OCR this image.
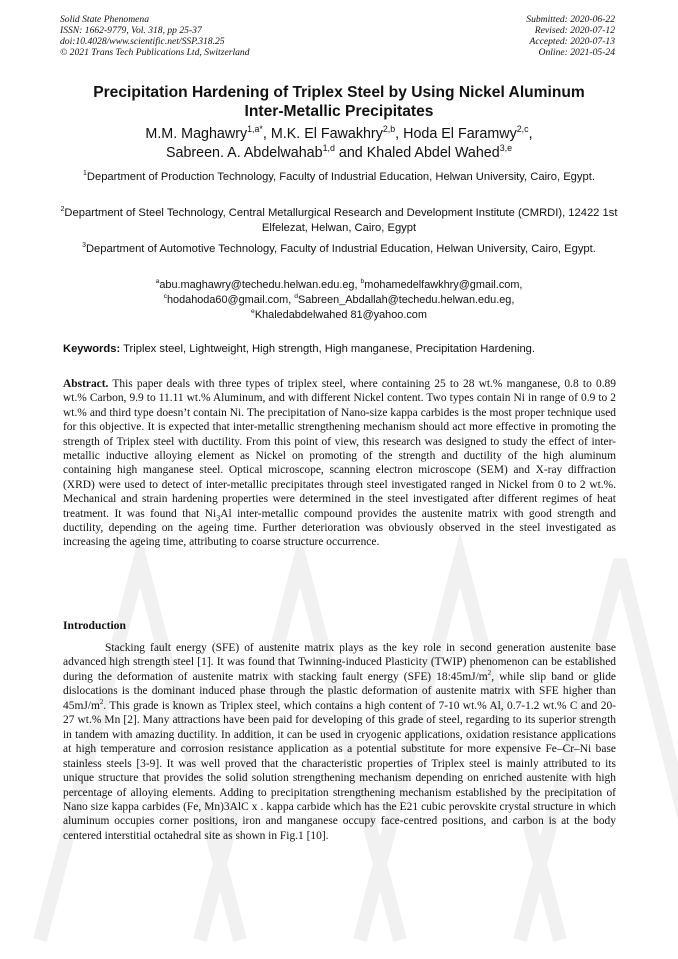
Solid State Phenomena
ISSN: 1662-9779, Vol. 318, pp 25-37
doi:10.4028/www.scientific.net/SSP.318.25
© 2021 Trans Tech Publications Ltd, Switzerland
Submitted: 2020-06-22
Revised: 2020-07-12
Accepted: 2020-07-13
Online: 2021-05-24
Precipitation Hardening of Triplex Steel by Using Nickel Aluminum
Inter-Metallic Precipitates
M.M. Maghawry$^{1,a*}$, M.K. El Fawakhry$^{2,b}$, Hoda El Faramwy$^{2,c}$,
Sabreen. A. Abdelwahab$^{1,d}$ and Khaled Abdel Wahed$^{3,e}$
$^1$Department of Production Technology, Faculty of Industrial Education, Helwan University, Cairo, Egypt.
$^2$Department of Steel Technology, Central Metallurgical Research and Development Institute (CMRDI), 12422 1st Elfelezat, Helwan, Cairo, Egypt
$^3$Department of Automotive Technology, Faculty of Industrial Education, Helwan University, Cairo, Egypt.
$^a$abu.maghawry@techedu.helwan.edu.eg, $^b$mohamedelfawkhry@gmail.com,
$^c$hodahoda60@gmail.com, $^d$Sabreen_Abdallah@techedu.helwan.edu.eg,
$^e$Khaledabdelwahed 81@yahoo.com
Keywords: Triplex steel, Lightweight, High strength, High manganese, Precipitation Hardening.
Abstract. This paper deals with three types of triplex steel, where containing 25 to 28 wt.% manganese, 0.8 to 0.89 wt.% Carbon, 9.9 to 11.11 wt.% Aluminum, and with different Nickel content. Two types contain Ni in range of 0.9 to 2 wt.% and third type doesn’t contain Ni. The precipitation of Nano-size kappa carbides is the most proper technique used for this objective. It is expected that inter-metallic strengthening mechanism should act more effective in promoting the strength of Triplex steel with ductility. From this point of view, this research was designed to study the effect of inter-metallic inductive alloying element as Nickel on promoting of the strength and ductility of the high aluminum containing high manganese steel. Optical microscope, scanning electron microscope (SEM) and X-ray diffraction (XRD) were used to detect of inter-metallic precipitates through steel investigated ranged in Nickel from 0 to 2 wt.%. Mechanical and strain hardening properties were determined in the steel investigated after different regimes of heat treatment. It was found that $Ni_3Al$ inter-metallic compound provides the austenite matrix with good strength and ductility, depending on the ageing time. Further deterioration was obviously observed in the steel investigated as increasing the ageing time, attributing to coarse structure occurrence.
Introduction
Stacking fault energy (SFE) of austenite matrix plays as the key role in second generation austenite base advanced high strength steel [1]. It was found that Twinning-induced Plasticity (TWIP) phenomenon can be established during the deformation of austenite matrix with stacking fault energy (SFE) $18:45mJ/m^2$, while slip band or glide dislocations is the dominant induced phase through the plastic deformation of austenite matrix with SFE higher than $45mJ/m^2$. This grade is known as Triplex steel, which contains a high content of 7-10 wt.% Al, 0.7-1.2 wt.% C and 20-27 wt.% Mn [2]. Many attractions have been paid for developing of this grade of steel, regarding to its superior strength in tandem with amazing ductility. In addition, it can be used in cryogenic applications, oxidation resistance applications at high temperature and corrosion resistance application as a potential substitute for more expensive Fe–Cr–Ni base stainless steels [3-9]. It was well proved that the characteristic properties of Triplex steel is mainly attributed to its unique structure that provides the solid solution strengthening mechanism depending on enriched austenite with high percentage of alloying elements. Adding to precipitation strengthening mechanism established by the precipitation of Nano size kappa carbides (Fe, Mn)3AlC x . kappa carbide which has the E21 cubic perovskite crystal structure in which aluminum occupies corner positions, iron and manganese occupy face-centred positions, and carbon is at the body centered interstitial octahedral site as shown in Fig.1 [10].
